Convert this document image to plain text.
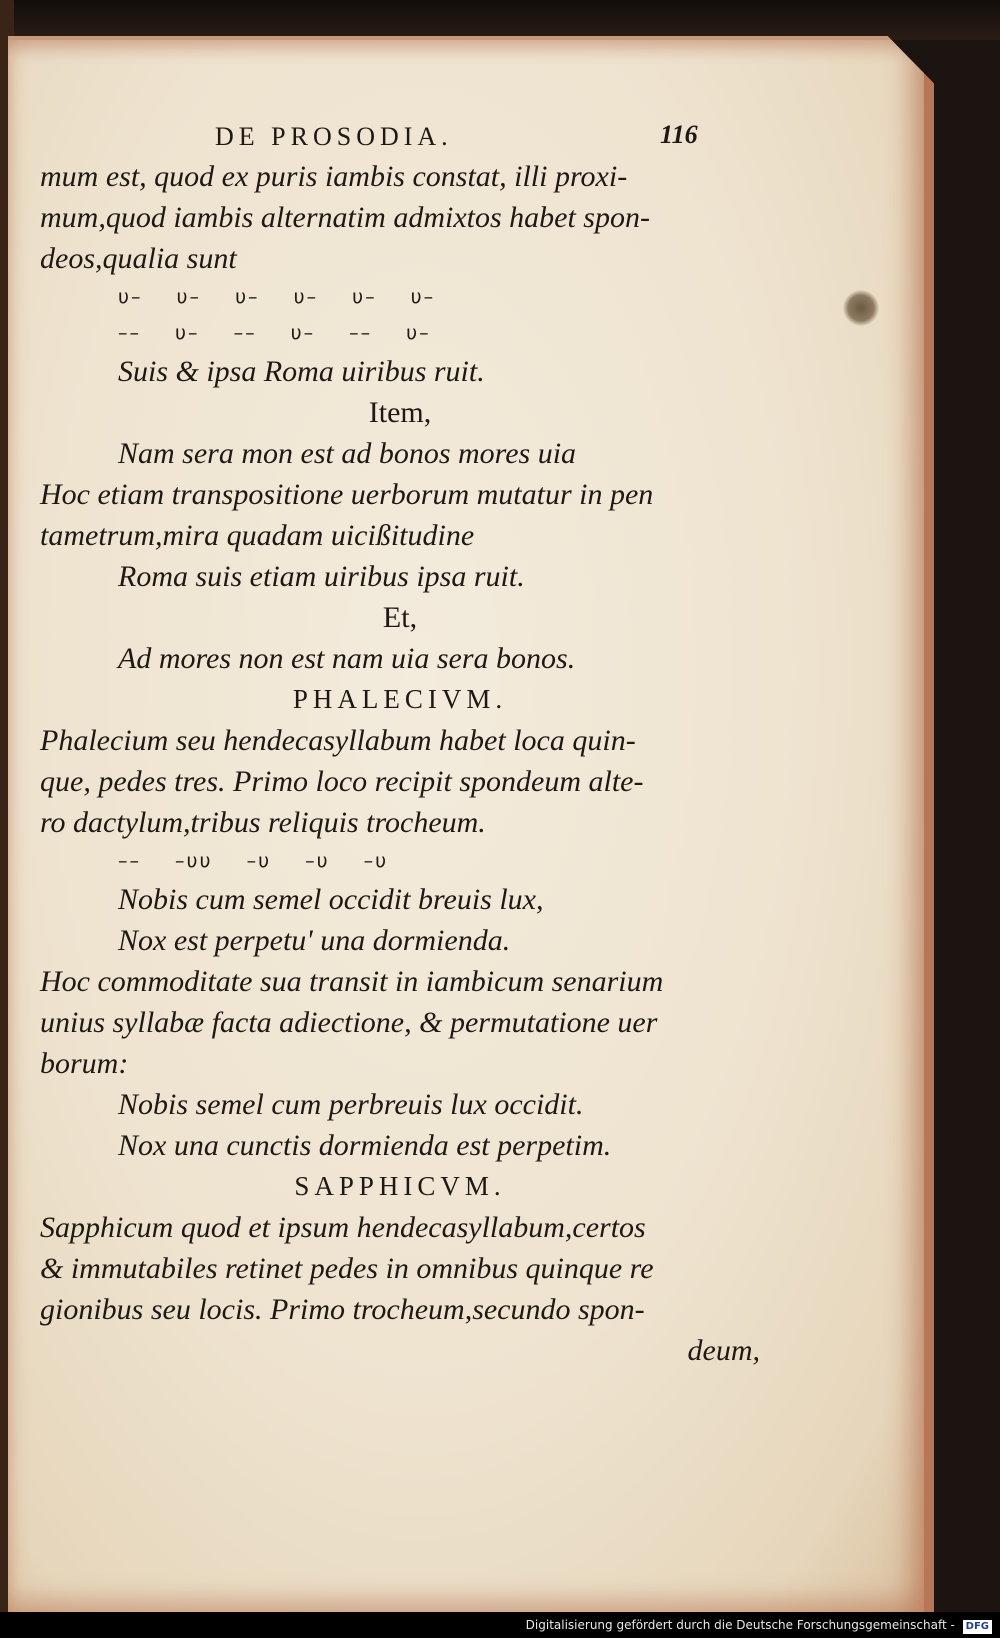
DE PROSODIA.	116
mum est, quod ex puris iambis constat, illi proxi-
mum,quod iambis alternatim admixtos habet spon-
deos,qualia sunt
υ– υ– υ– υ– υ– υ–
–– υ– –– υ– –– υ–
Suis & ipsa Roma uiribus ruit.
Item,
Nam sera mon est ad bonos mores uia
Hoc etiam transpositione uerborum mutatur in pen
tametrum,mira quadam uicißitudine
Roma suis etiam uiribus ipsa ruit.
Et,
Ad mores non est nam uia sera bonos.
PHALECIVM.
Phalecium seu hendecasyllabum habet loca quin-
que, pedes tres. Primo loco recipit spondeum alte-
ro dactylum,tribus reliquis trocheum.
–– –υυ –υ –υ –υ
Nobis cum semel occidit breuis lux,
Nox est perpetu' una dormienda.
Hoc commoditate sua transit in iambicum senarium
unius syllabæ facta adiectione, & permutatione uer
borum:
Nobis semel cum perbreuis lux occidit.
Nox una cunctis dormienda est perpetim.
SAPPHICVM.
Sapphicum quod et ipsum hendecasyllabum,certos
& immutabiles retinet pedes in omnibus quinque re
gionibus seu locis. Primo trocheum,secundo spon-
deum,
Digitalisierung gefördert durch die Deutsche Forschungsgemeinschaft - DFG
